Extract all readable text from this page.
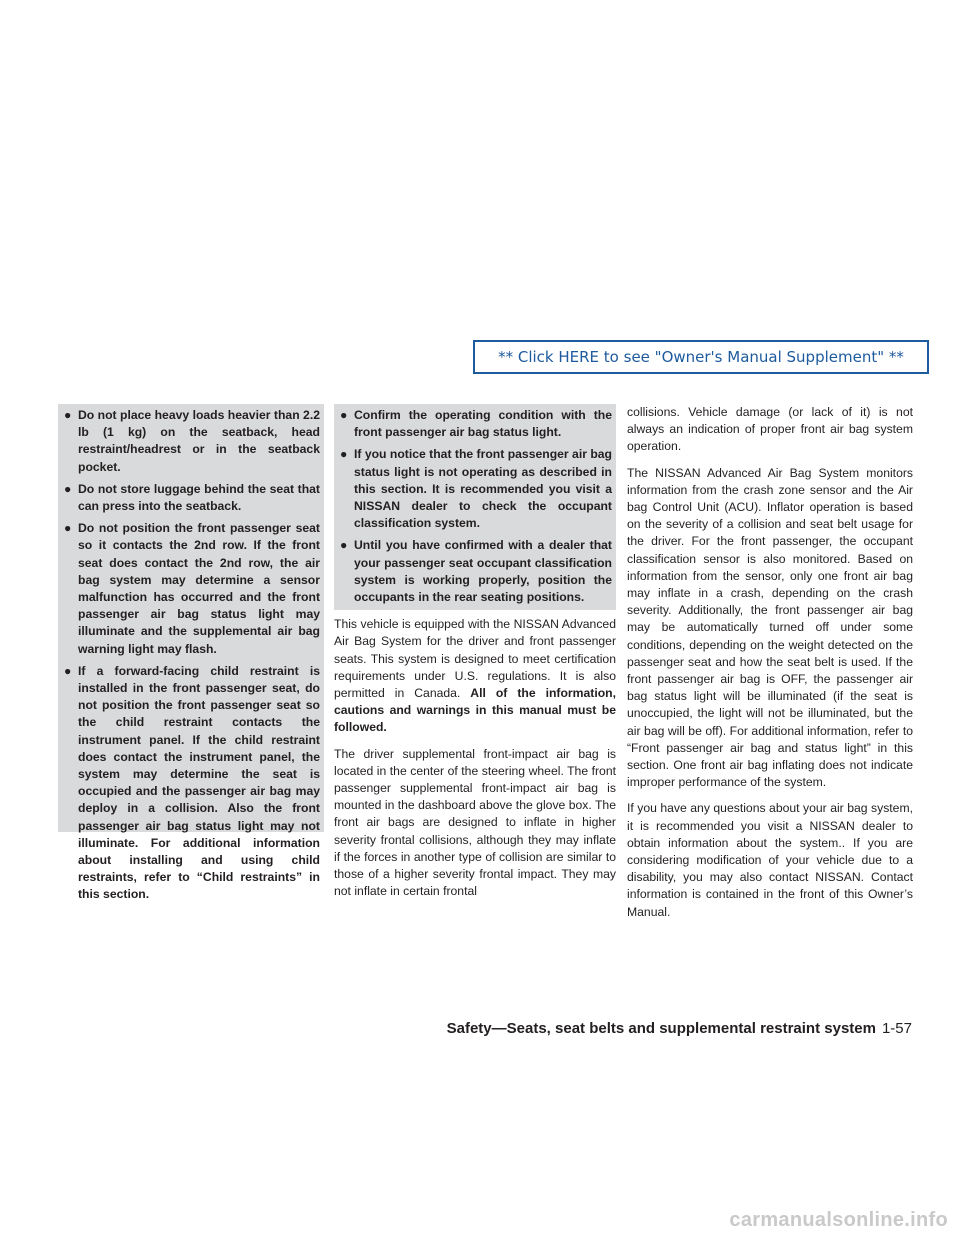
** Click HERE to see "Owner's Manual Supplement" **
● Do not place heavy loads heavier than 2.2 lb (1 kg) on the seatback, head restraint/headrest or in the seatback pocket.
● Do not store luggage behind the seat that can press into the seatback.
● Do not position the front passenger seat so it contacts the 2nd row. If the front seat does contact the 2nd row, the air bag system may determine a sensor malfunction has occurred and the front passenger air bag status light may illuminate and the supplemental air bag warning light may flash.
● If a forward-facing child restraint is installed in the front passenger seat, do not position the front passenger seat so the child restraint contacts the instrument panel. If the child restraint does contact the instrument panel, the system may determine the seat is occupied and the passenger air bag may deploy in a collision. Also the front passenger air bag status light may not illuminate. For additional information about installing and using child restraints, refer to “Child restraints” in this section.
● Confirm the operating condition with the front passenger air bag status light.
● If you notice that the front passenger air bag status light is not operating as described in this section. It is recommended you visit a NISSAN dealer to check the occupant classification system.
● Until you have confirmed with a dealer that your passenger seat occupant classification system is working properly, position the occupants in the rear seating positions.

This vehicle is equipped with the NISSAN Advanced Air Bag System for the driver and front passenger seats. This system is designed to meet certification requirements under U.S. regulations. It is also permitted in Canada. All of the information, cautions and warnings in this manual must be followed.

The driver supplemental front-impact air bag is located in the center of the steering wheel. The front passenger supplemental front-impact air bag is mounted in the dashboard above the glove box. The front air bags are designed to inflate in higher severity frontal collisions, although they may inflate if the forces in another type of collision are similar to those of a higher severity frontal impact. They may not inflate in certain frontal

collisions. Vehicle damage (or lack of it) is not always an indication of proper front air bag system operation.

The NISSAN Advanced Air Bag System monitors information from the crash zone sensor and the Air bag Control Unit (ACU). Inflator operation is based on the severity of a collision and seat belt usage for the driver. For the front passenger, the occupant classification sensor is also monitored. Based on information from the sensor, only one front air bag may inflate in a crash, depending on the crash severity. Additionally, the front passenger air bag may be automatically turned off under some conditions, depending on the weight detected on the passenger seat and how the seat belt is used. If the front passenger air bag is OFF, the passenger air bag status light will be illuminated (if the seat is unoccupied, the light will not be illuminated, but the air bag will be off). For additional information, refer to “Front passenger air bag and status light” in this section. One front air bag inflating does not indicate improper performance of the system.

If you have any questions about your air bag system, it is recommended you visit a NISSAN dealer to obtain information about the system.. If you are considering modification of your vehicle due to a disability, you may also contact NISSAN. Contact information is contained in the front of this Owner’s Manual.

Safety—Seats, seat belts and supplemental restraint system 1-57
carmanualsonline.info
